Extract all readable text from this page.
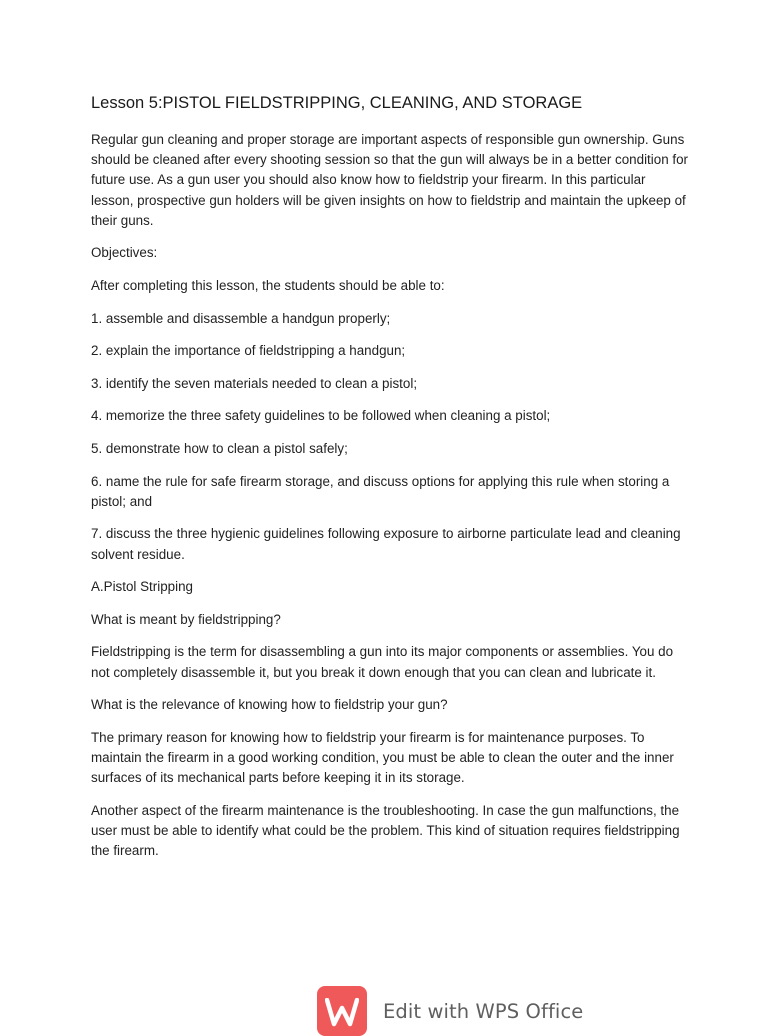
Lesson 5:PISTOL FIELDSTRIPPING, CLEANING, AND STORAGE

Regular gun cleaning and proper storage are important aspects of responsible gun ownership. Guns should be cleaned after every shooting session so that the gun will always be in a better condition for future use. As a gun user you should also know how to fieldstrip your firearm. In this particular lesson, prospective gun holders will be given insights on how to fieldstrip and maintain the upkeep of their guns.

Objectives:

After completing this lesson, the students should be able to:

1. assemble and disassemble a handgun properly;

2. explain the importance of fieldstripping a handgun;

3. identify the seven materials needed to clean a pistol;

4. memorize the three safety guidelines to be followed when cleaning a pistol;

5. demonstrate how to clean a pistol safely;

6. name the rule for safe firearm storage, and discuss options for applying this rule when storing a pistol; and

7. discuss the three hygienic guidelines following exposure to airborne particulate lead and cleaning solvent residue.

A.Pistol Stripping

What is meant by fieldstripping?

Fieldstripping is the term for disassembling a gun into its major components or assemblies. You do not completely disassemble it, but you break it down enough that you can clean and lubricate it.

What is the relevance of knowing how to fieldstrip your gun?

The primary reason for knowing how to fieldstrip your firearm is for maintenance purposes. To maintain the firearm in a good working condition, you must be able to clean the outer and the inner surfaces of its mechanical parts before keeping it in its storage.

Another aspect of the firearm maintenance is the troubleshooting. In case the gun malfunctions, the user must be able to identify what could be the problem. This kind of situation requires fieldstripping the firearm.

Edit with WPS Office
